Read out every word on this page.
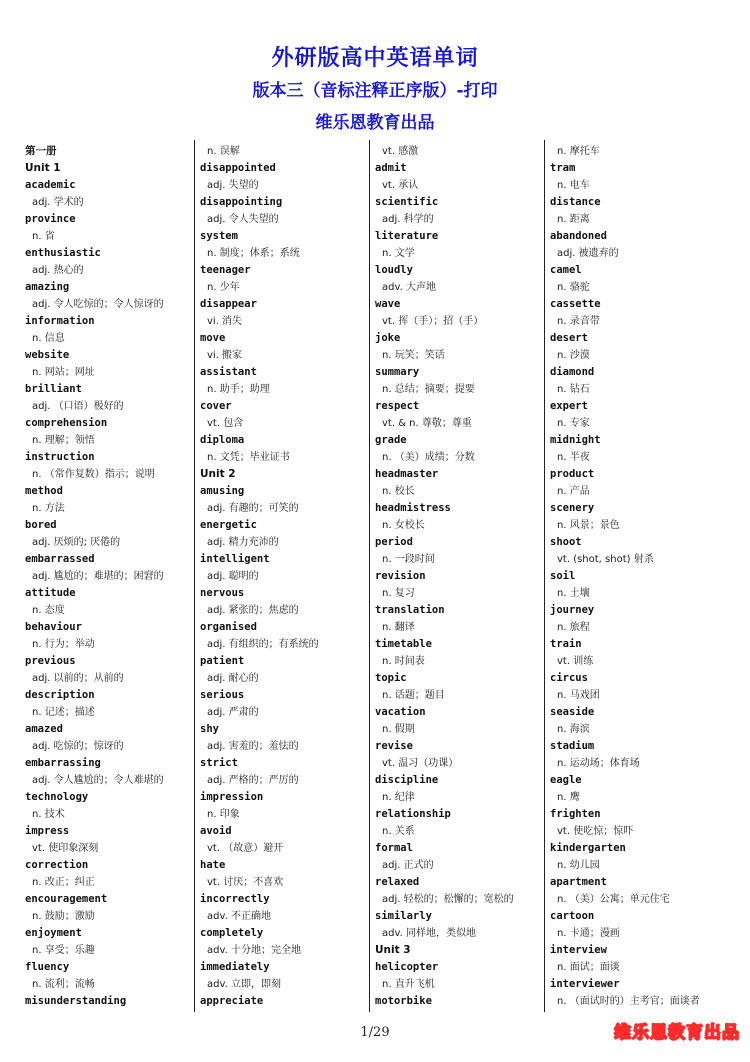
外研版高中英语单词
版本三（音标注释正序版）-打印
维乐恩教育出品
第一册
Unit 1
academic
adj. 学术的
province
n. 省
enthusiastic
adj. 热心的
amazing
adj. 令人吃惊的；令人惊讶的
information
n. 信息
website
n. 网站；网址
brilliant
adj. （口语）极好的
comprehension
n. 理解；领悟
instruction
n. （常作复数）指示；说明
method
n. 方法
bored
adj. 厌烦的; 厌倦的
embarrassed
adj. 尴尬的；难堪的；困窘的
attitude
n. 态度
behaviour
n. 行为；举动
previous
adj. 以前的；从前的
description
n. 记述；描述
amazed
adj. 吃惊的；惊讶的
embarrassing
adj. 令人尴尬的；令人难堪的
technology
n. 技术
impress
vt. 使印象深刻
correction
n. 改正；纠正
encouragement
n. 鼓励；激励
enjoyment
n. 享受；乐趣
fluency
n. 流利；流畅
misunderstanding
n. 误解
disappointed
adj. 失望的
disappointing
adj. 令人失望的
system
n. 制度；体系；系统
teenager
n. 少年
disappear
vi. 消失
move
vi. 搬家
assistant
n. 助手；助理
cover
vt. 包含
diploma
n. 文凭；毕业证书
Unit 2
amusing
adj. 有趣的；可笑的
energetic
adj. 精力充沛的
intelligent
adj. 聪明的
nervous
adj. 紧张的；焦虑的
organised
adj. 有组织的；有系统的
patient
adj. 耐心的
serious
adj. 严肃的
shy
adj. 害羞的；羞怯的
strict
adj. 严格的；严厉的
impression
n. 印象
avoid
vt. （故意）避开
hate
vt. 讨厌；不喜欢
incorrectly
adv. 不正确地
completely
adv. 十分地；完全地
immediately
adv. 立即，即刻
appreciate
vt. 感激
admit
vt. 承认
scientific
adj. 科学的
literature
n. 文学
loudly
adv. 大声地
wave
vt. 挥（手）；招（手）
joke
n. 玩笑；笑话
summary
n. 总结；摘要；提要
respect
vt. & n. 尊敬；尊重
grade
n. （美）成绩；分数
headmaster
n. 校长
headmistress
n. 女校长
period
n. 一段时间
revision
n. 复习
translation
n. 翻译
timetable
n. 时间表
topic
n. 话题；题目
vacation
n. 假期
revise
vt. 温习（功课）
discipline
n. 纪律
relationship
n. 关系
formal
adj. 正式的
relaxed
adj. 轻松的；松懈的；宽松的
similarly
adv. 同样地，类似地
Unit 3
helicopter
n. 直升飞机
motorbike
n. 摩托车
tram
n. 电车
distance
n. 距离
abandoned
adj. 被遗弃的
camel
n. 骆驼
cassette
n. 录音带
desert
n. 沙漠
diamond
n. 钻石
expert
n. 专家
midnight
n. 半夜
product
n. 产品
scenery
n. 风景；景色
shoot
vt. (shot, shot) 射杀
soil
n. 土壤
journey
n. 旅程
train
vt. 训练
circus
n. 马戏团
seaside
n. 海滨
stadium
n. 运动场；体育场
eagle
n. 鹰
frighten
vt. 使吃惊；惊吓
kindergarten
n. 幼儿园
apartment
n. （美）公寓；单元住宅
cartoon
n. 卡通；漫画
interview
n. 面试；面谈
interviewer
n. （面试时的）主考官；面谈者
1/29	维乐恩教育出品
